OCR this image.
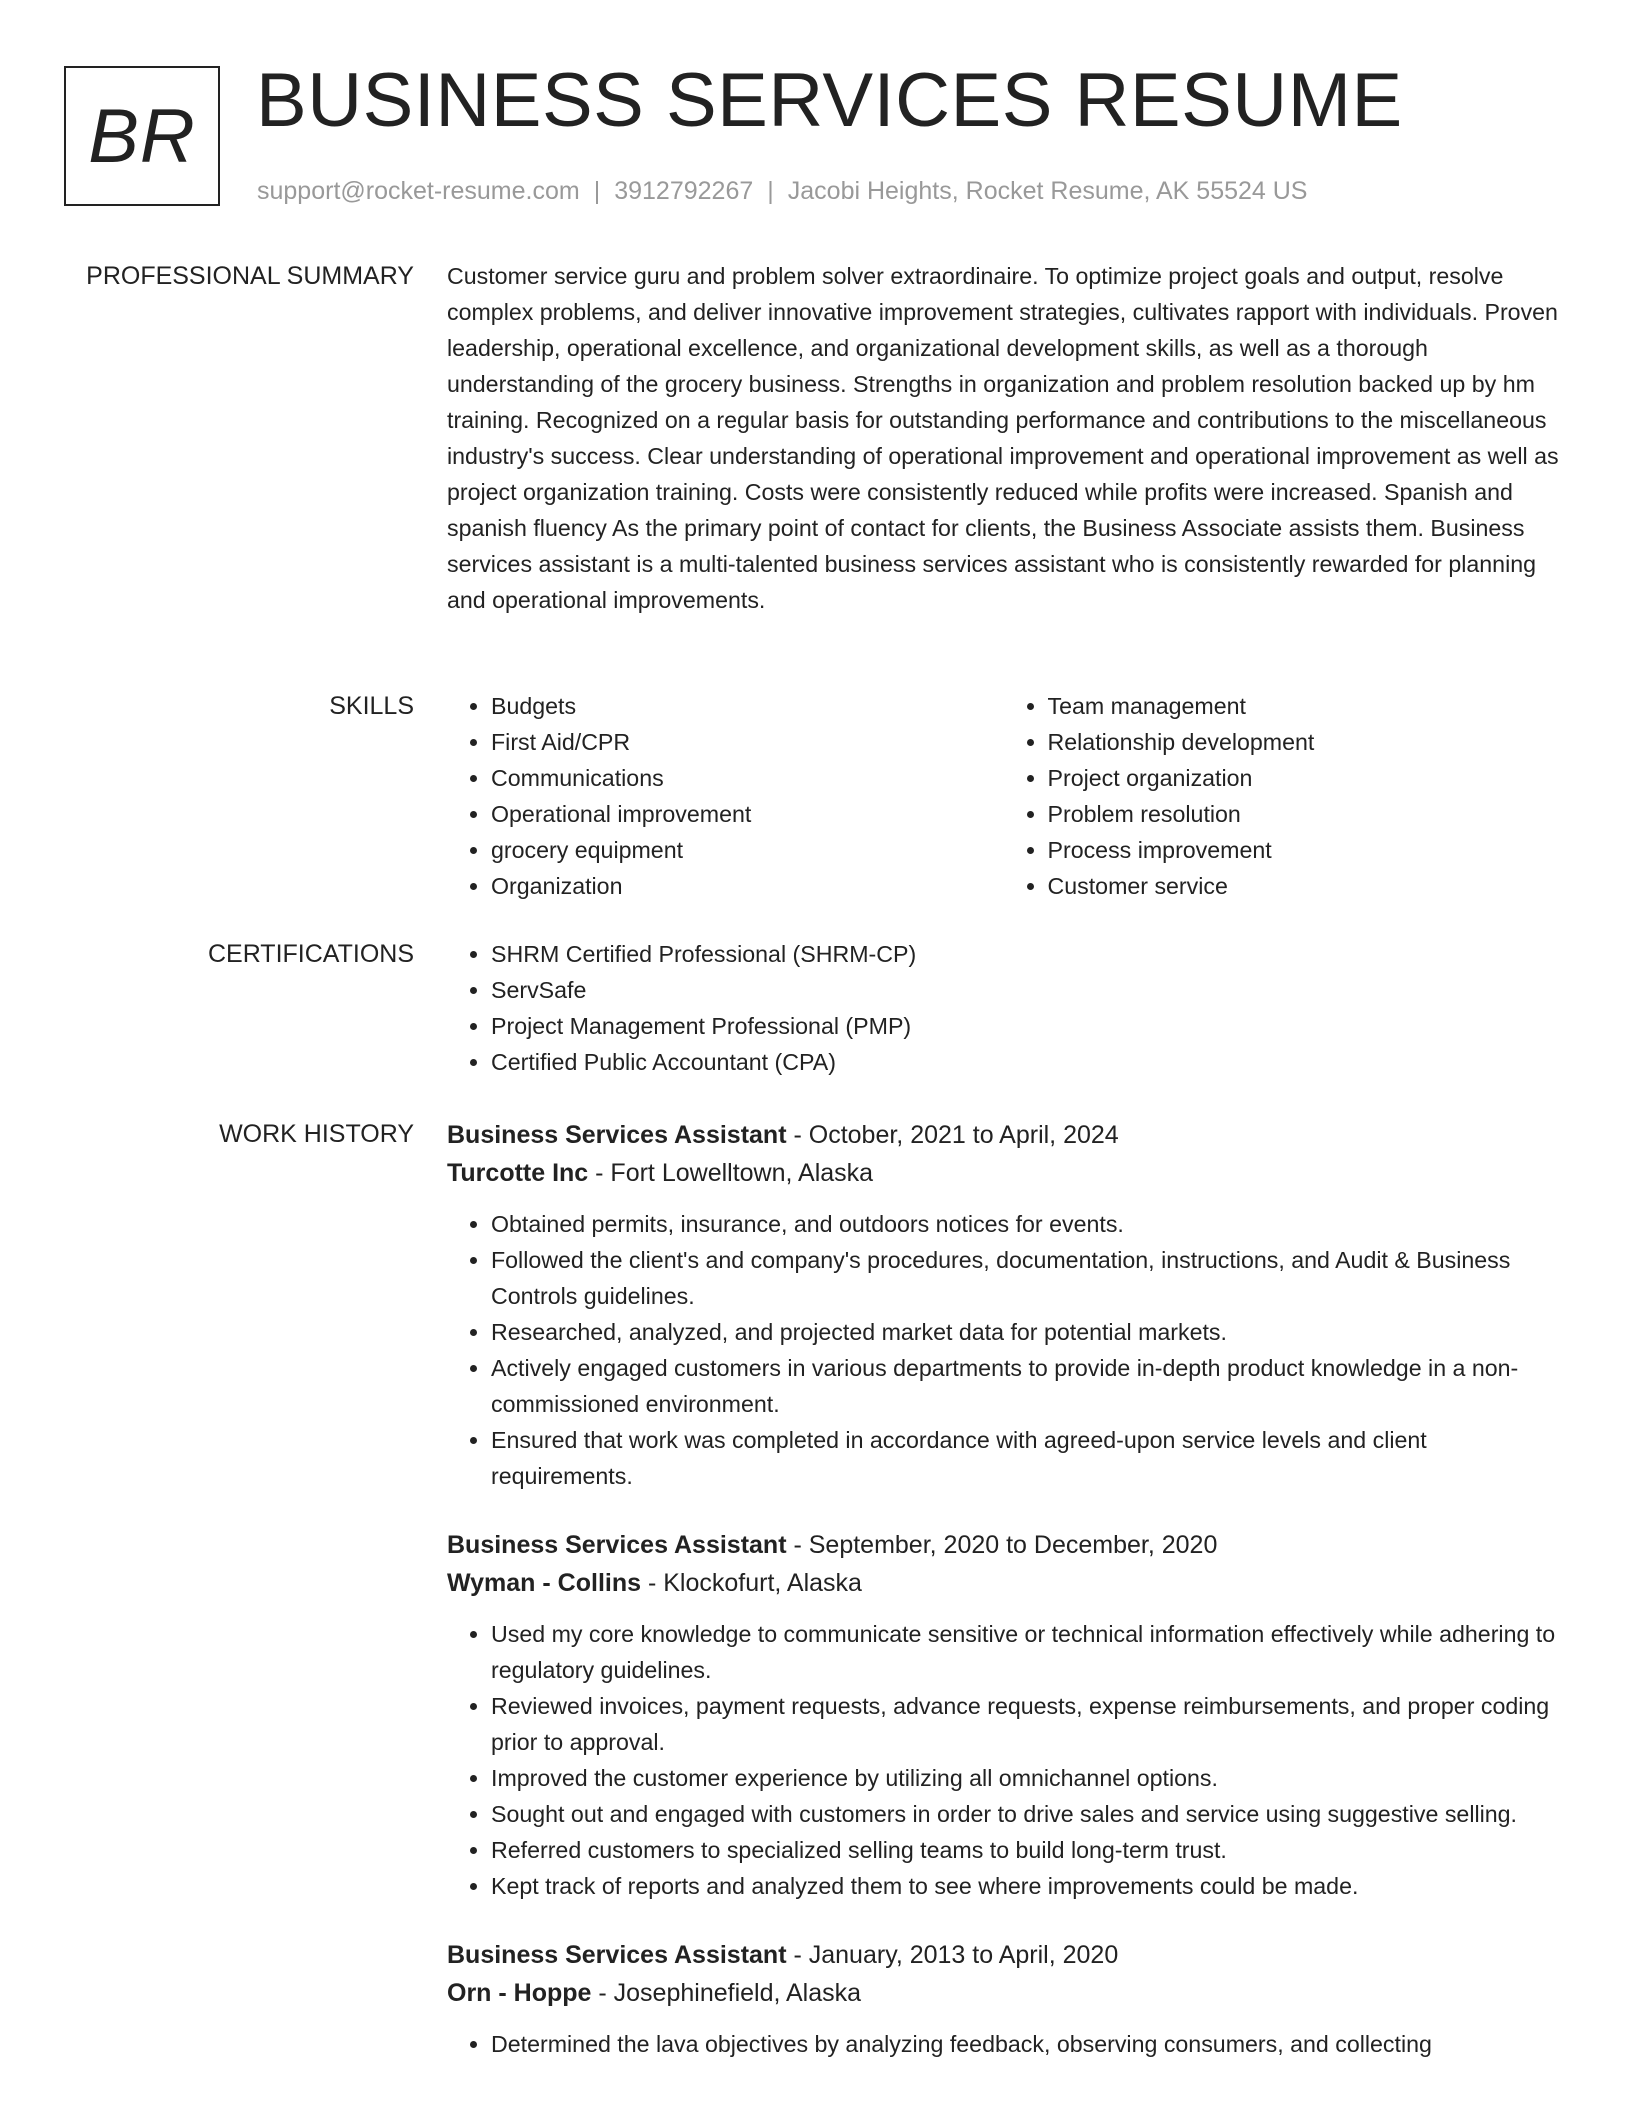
BR BUSINESS SERVICES RESUME
support@rocket-resume.com | 3912792267 | Jacobi Heights, Rocket Resume, AK 55524 US
PROFESSIONAL SUMMARY Customer service guru and problem solver extraordinaire. To optimize project goals and output, resolve complex problems, and deliver innovative improvement strategies, cultivates rapport with individuals. Proven leadership, operational excellence, and organizational development skills, as well as a thorough understanding of the grocery business. Strengths in organization and problem resolution backed up by hm training. Recognized on a regular basis for outstanding performance and contributions to the miscellaneous industry's success. Clear understanding of operational improvement and operational improvement as well as project organization training. Costs were consistently reduced while profits were increased. Spanish and spanish fluency As the primary point of contact for clients, the Business Associate assists them. Business services assistant is a multi-talented business services assistant who is consistently rewarded for planning and operational improvements.

SKILLS	• Budgets
• First Aid/CPR
• Communications
• Operational improvement
• grocery equipment
• Organization
• Team management
• Relationship development
• Project organization
• Problem resolution
• Process improvement
• Customer service
CERTIFICATIONS	• SHRM Certified Professional (SHRM-CP)
• ServSafe
• Project Management Professional (PMP)
• Certified Public Accountant (CPA)
WORK HISTORY Business Services Assistant - October, 2021 to April, 2024
Turcotte Inc - Fort Lowelltown, Alaska
• Obtained permits, insurance, and outdoors notices for events.
• Followed the client's and company's procedures, documentation, instructions, and Audit & Business Controls guidelines.
• Researched, analyzed, and projected market data for potential markets.
• Actively engaged customers in various departments to provide in-depth product knowledge in a non-commissioned environment.
• Ensured that work was completed in accordance with agreed-upon service levels and client requirements.
Business Services Assistant - September, 2020 to December, 2020
Wyman - Collins - Klockofurt, Alaska
• Used my core knowledge to communicate sensitive or technical information effectively while adhering to regulatory guidelines.
• Reviewed invoices, payment requests, advance requests, expense reimbursements, and proper coding prior to approval.
• Improved the customer experience by utilizing all omnichannel options.
• Sought out and engaged with customers in order to drive sales and service using suggestive selling.
• Referred customers to specialized selling teams to build long-term trust.
• Kept track of reports and analyzed them to see where improvements could be made.
Business Services Assistant - January, 2013 to April, 2020
Orn - Hoppe - Josephinefield, Alaska
• Determined the lava objectives by analyzing feedback, observing consumers, and collecting
